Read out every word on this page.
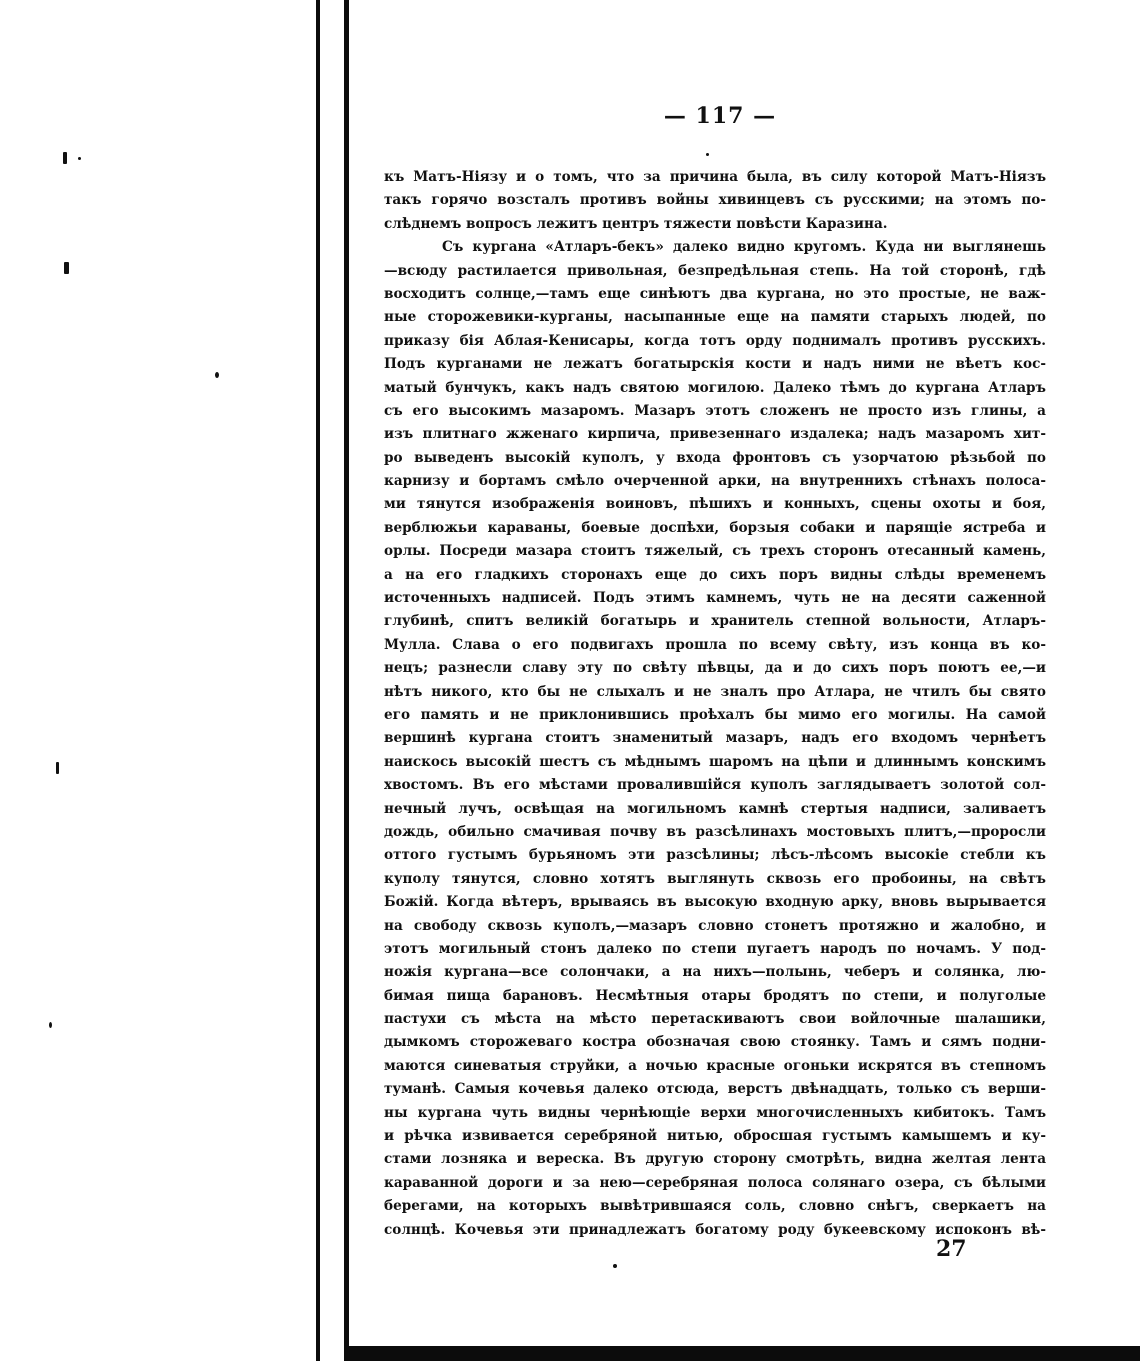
— 117 —
къ Матъ-Ніязу и о томъ, что за причина была, въ силу которой Матъ-Ніязъ
такъ горячо возсталъ противъ войны хивинцевъ съ русскими; на этомъ по-
слѣднемъ вопросъ лежитъ центръ тяжести повѣсти Каразина.
Съ кургана «Атларъ-бекъ» далеко видно кругомъ. Куда ни выглянешь
—всюду растилается привольная, безпредѣльная степь. На той сторонѣ, гдѣ
восходитъ солнце,—тамъ еще синѣютъ два кургана, но это простые, не важ-
ные сторожевики-курганы, насыпанные еще на памяти старыхъ людей, по
приказу бія Аблая-Кенисары, когда тотъ орду поднималъ противъ русскихъ.
Подъ курганами не лежатъ богатырскія кости и надъ ними не вѣетъ кос-
матый бунчукъ, какъ надъ святою могилою. Далеко тѣмъ до кургана Атларъ
съ его высокимъ мазаромъ. Мазаръ этотъ сложенъ не просто изъ глины, а
изъ плитнаго жженаго кирпича, привезеннаго издалека; надъ мазаромъ хит-
ро выведенъ высокій куполъ, у входа фронтовъ съ узорчатою рѣзьбой по
карнизу и бортамъ смѣло очерченной арки, на внутреннихъ стѣнахъ полоса-
ми тянутся изображенія воиновъ, пѣшихъ и конныхъ, сцены охоты и боя,
верблюжьи караваны, боевые доспѣхи, борзыя собаки и парящіе ястреба и
орлы. Посреди мазара стоитъ тяжелый, съ трехъ сторонъ отесанный камень,
а на его гладкихъ сторонахъ еще до сихъ поръ видны слѣды временемъ
источенныхъ надписей. Подъ этимъ камнемъ, чуть не на десяти саженной
глубинѣ, спитъ великій богатырь и хранитель степной вольности, Атларъ-
Мулла. Слава о его подвигахъ прошла по всему свѣту, изъ конца въ ко-
нецъ; разнесли славу эту по свѣту пѣвцы, да и до сихъ поръ поютъ ее,—и
нѣтъ никого, кто бы не слыхалъ и не зналъ про Атлара, не чтилъ бы свято
его память и не приклонившись проѣхалъ бы мимо его могилы. На самой
вершинѣ кургана стоитъ знаменитый мазаръ, надъ его входомъ чернѣетъ
наискось высокій шестъ съ мѣднымъ шаромъ на цѣпи и длиннымъ конскимъ
хвостомъ. Въ его мѣстами провалившійся куполъ заглядываетъ золотой сол-
нечный лучъ, освѣщая на могильномъ камнѣ стертыя надписи, заливаетъ
дождь, обильно смачивая почву въ разсѣлинахъ мостовыхъ плитъ,—проросли
оттого густымъ бурьяномъ эти разсѣлины; лѣсъ-лѣсомъ высокіе стебли къ
куполу тянутся, словно хотятъ выглянуть сквозь его пробоины, на свѣтъ
Божій. Когда вѣтеръ, врываясь въ высокую входную арку, вновь вырывается
на свободу сквозь куполъ,—мазаръ словно стонетъ протяжно и жалобно, и
этотъ могильный стонъ далеко по степи пугаетъ народъ по ночамъ. У под-
ножія кургана—все солончаки, а на нихъ—полынь, чеберъ и солянка, лю-
бимая пища барановъ. Несмѣтныя отары бродятъ по степи, и полуголые
пастухи съ мѣста на мѣсто перетаскиваютъ свои войлочные шалашики,
дымкомъ сторожеваго костра обозначая свою стоянку. Тамъ и сямъ подни-
маются синеватыя струйки, а ночью красные огоньки искрятся въ степномъ
туманѣ. Самыя кочевья далеко отсюда, верстъ двѣнадцать, только съ верши-
ны кургана чуть видны чернѣющіе верхи многочисленныхъ кибитокъ. Тамъ
и рѣчка извивается серебряной нитью, обросшая густымъ камышемъ и ку-
стами лозняка и вереска. Въ другую сторону смотрѣть, видна желтая лента
караванной дороги и за нею—серебряная полоса солянаго озера, съ бѣлыми
берегами, на которыхъ вывѣтрившаяся соль, словно снѣгъ, сверкаетъ на
солнцѣ. Кочевья эти принадлежатъ богатому роду букеевскому испоконъ вѣ-
27
